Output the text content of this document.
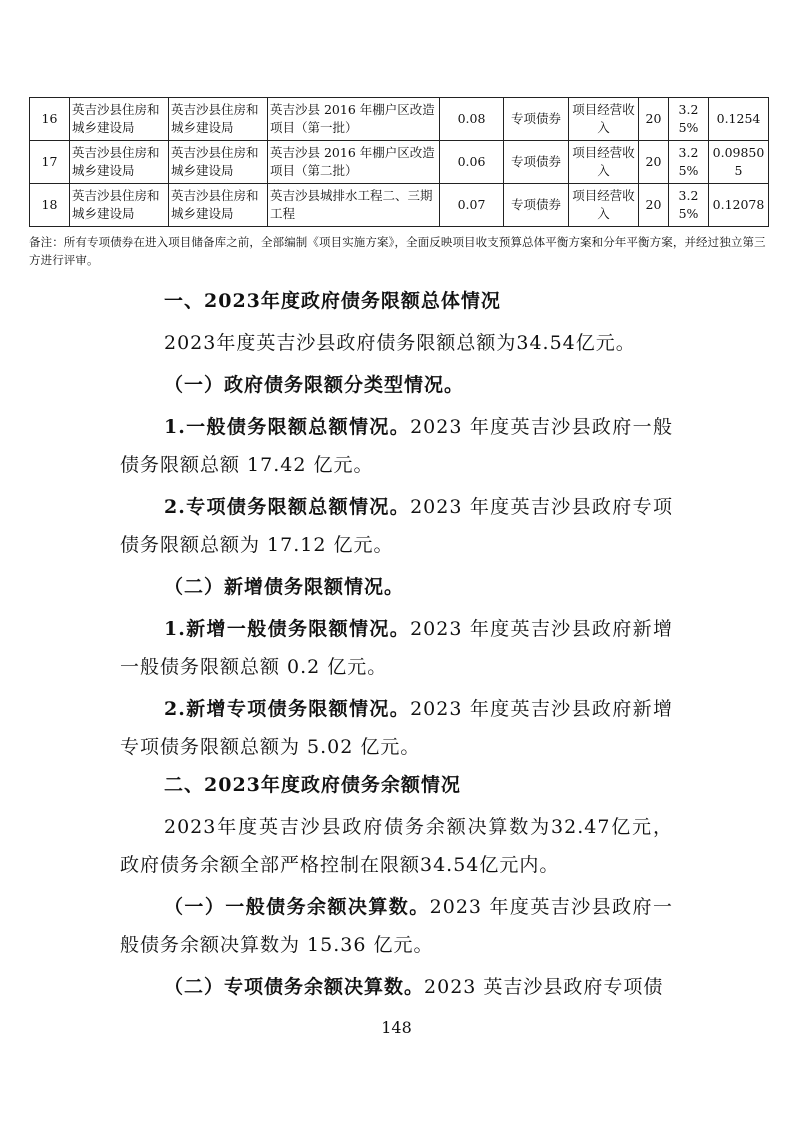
16	英吉沙县住房和城乡建设局	英吉沙县住房和城乡建设局	英吉沙县 2016 年棚户区改造项目（第一批）	0.08	专项债券	项目经营收入	20	3.25%	0.1254
17	英吉沙县住房和城乡建设局	英吉沙县住房和城乡建设局	英吉沙县 2016 年棚户区改造项目（第二批）	0.06	专项债券	项目经营收入	20	3.25%	0.098505
18	英吉沙县住房和城乡建设局	英吉沙县住房和城乡建设局	英吉沙县城排水工程二、三期工程	0.07	专项债券	项目经营收入	20	3.25%	0.12078
备注：所有专项债券在进入项目储备库之前，全部编制《项目实施方案》，全面反映项目收支预算总体平衡方案和分年平衡方案，并经过独立第三方进行评审。

一、2023年度政府债务限额总体情况

2023年度英吉沙县政府债务限额总额为34.54亿元。

（一）政府债务限额分类型情况。

1.一般债务限额总额情况。2023 年度英吉沙县政府一般债务限额总额 17.42 亿元。

2.专项债务限额总额情况。2023 年度英吉沙县政府专项债务限额总额为 17.12 亿元。

（二）新增债务限额情况。

1.新增一般债务限额情况。2023 年度英吉沙县政府新增一般债务限额总额 0.2 亿元。

2.新增专项债务限额情况。2023 年度英吉沙县政府新增专项债务限额总额为 5.02 亿元。

二、2023年度政府债务余额情况

2023年度英吉沙县政府债务余额决算数为32.47亿元，政府债务余额全部严格控制在限额34.54亿元内。

（一）一般债务余额决算数。2023 年度英吉沙县政府一般债务余额决算数为 15.36 亿元。

（二）专项债务余额决算数。2023 英吉沙县政府专项债

148
